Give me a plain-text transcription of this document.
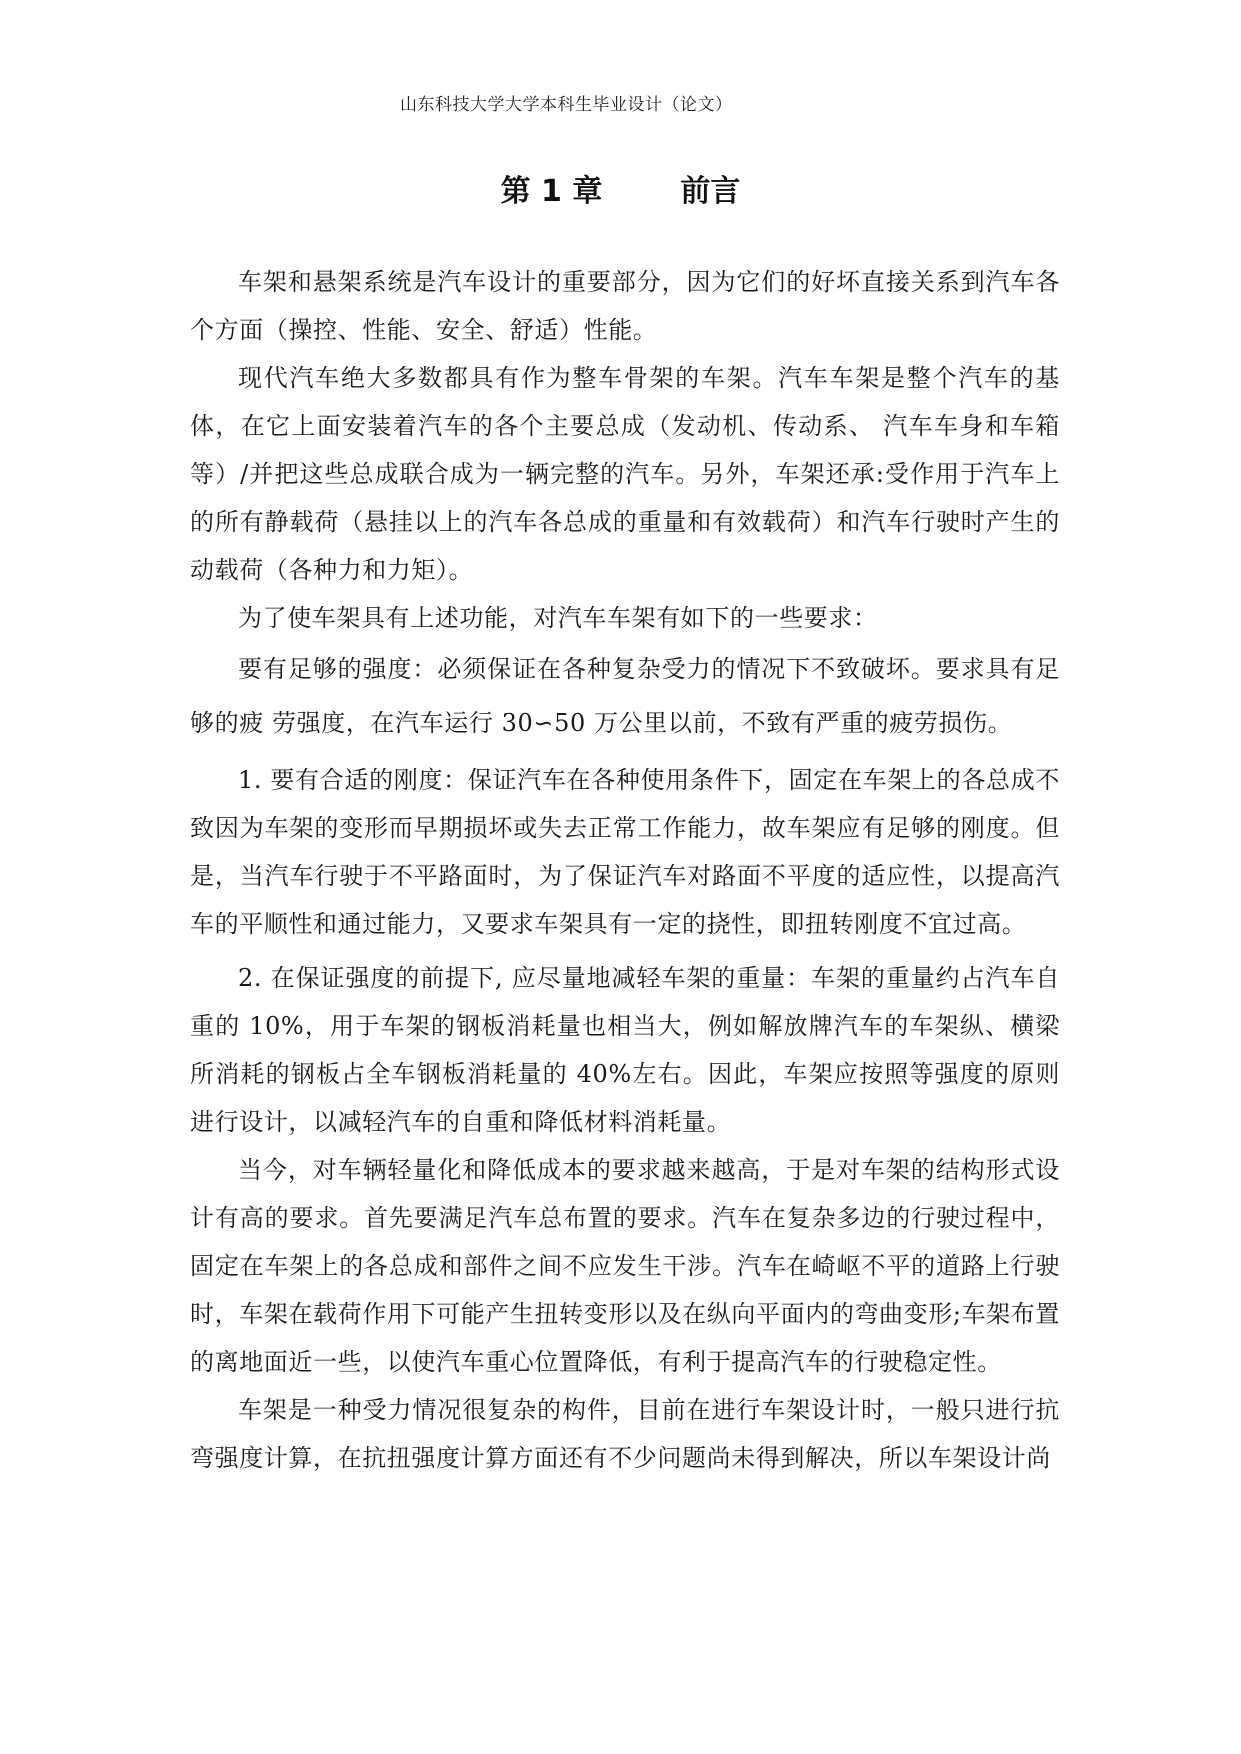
山东科技大学大学本科生毕业设计（论文）
第 1 章	前言

车架和悬架系统是汽车设计的重要部分，因为它们的好坏直接关系到汽车各个方面（操控、性能、安全、舒适）性能。

现代汽车绝大多数都具有作为整车骨架的车架。汽车车架是整个汽车的基体，在它上面安装着汽车的各个主要总成（发动机、传动系、 汽车车身和车箱等）/并把这些总成联合成为一辆完整的汽车。另外，车架还承:受作用于汽车上的所有静载荷（悬挂以上的汽车各总成的重量和有效载荷）和汽车行驶时产生的动载荷（各种力和力矩）。

为了使车架具有上述功能，对汽车车架有如下的一些要求：

要有足够的强度：必须保证在各种复杂受力的情况下不致破坏。要求具有足够的疲 劳强度，在汽车运行 30∽50 万公里以前，不致有严重的疲劳损伤。

1. 要有合适的刚度：保证汽车在各种使用条件下，固定在车架上的各总成不致因为车架的变形而早期损坏或失去正常工作能力，故车架应有足够的刚度。但是，当汽车行驶于不平路面时，为了保证汽车对路面不平度的适应性，以提高汽车的平顺性和通过能力，又要求车架具有一定的挠性，即扭转刚度不宜过高。

2. 在保证强度的前提下, 应尽量地减轻车架的重量：车架的重量约占汽车自重的 10%，用于车架的钢板消耗量也相当大，例如解放牌汽车的车架纵、横梁所消耗的钢板占全车钢板消耗量的 40%左右。因此，车架应按照等强度的原则进行设计，以减轻汽车的自重和降低材料消耗量。

当今，对车辆轻量化和降低成本的要求越来越高，于是对车架的结构形式设计有高的要求。首先要满足汽车总布置的要求。汽车在复杂多边的行驶过程中，固定在车架上的各总成和部件之间不应发生干涉。汽车在崎岖不平的道路上行驶时，车架在载荷作用下可能产生扭转变形以及在纵向平面内的弯曲变形;车架布置的离地面近一些，以使汽车重心位置降低，有利于提高汽车的行驶稳定性。

车架是一种受力情况很复杂的构件，目前在进行车架设计时，一般只进行抗弯强度计算，在抗扭强度计算方面还有不少问题尚未得到解决，所以车架设计尚
